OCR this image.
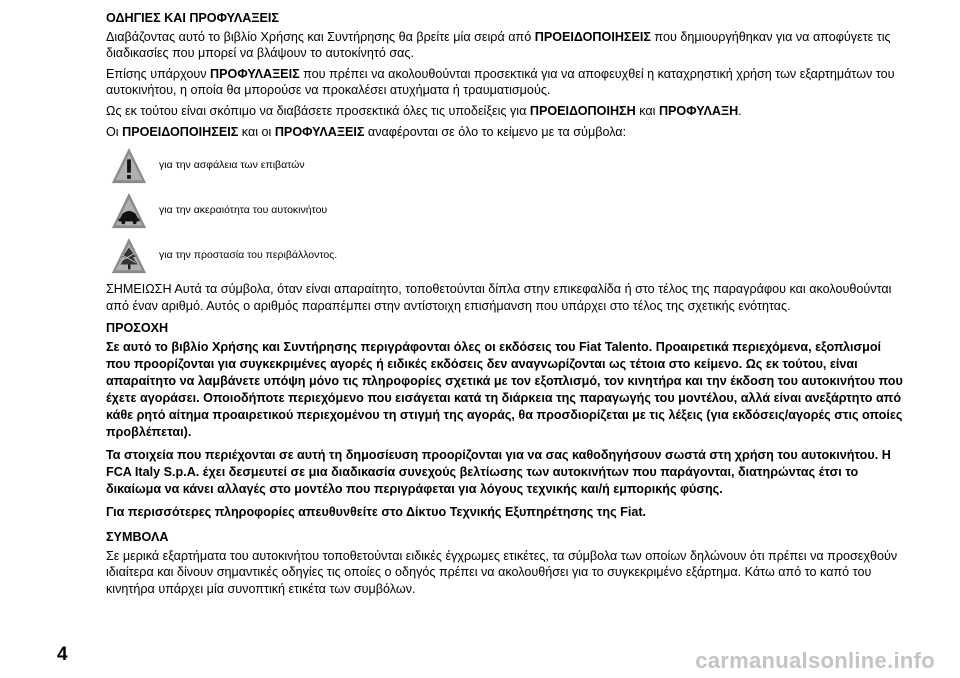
ΟΔΗΓΙΕΣ ΚΑΙ ΠΡΟΦΥΛΑΞΕΙΣ

Διαβάζοντας αυτό το βιβλίο Χρήσης και Συντήρησης θα βρείτε μία σειρά από ΠΡΟΕΙΔΟΠΟΙΗΣΕΙΣ που δημιουργήθηκαν για να αποφύγετε τις διαδικασίες που μπορεί να βλάψουν το αυτοκίνητό σας.

Επίσης υπάρχουν ΠΡΟΦΥΛΑΞΕΙΣ που πρέπει να ακολουθούνται προσεκτικά για να αποφευχθεί η καταχρηστική χρήση των εξαρτημάτων του αυτοκινήτου, η οποία θα μπορούσε να προκαλέσει ατυχήματα ή τραυματισμούς.

Ως εκ τούτου είναι σκόπιμο να διαβάσετε προσεκτικά όλες τις υποδείξεις για ΠΡΟΕΙΔΟΠΟΙΗΣΗ και ΠΡΟΦΥΛΑΞΗ.

Οι ΠΡΟΕΙΔΟΠΟΙΗΣΕΙΣ και οι ΠΡΟΦΥΛΑΞΕΙΣ αναφέρονται σε όλο το κείμενο με τα σύμβολα:

για την ασφάλεια των επιβατών
για την ακεραιότητα του αυτοκινήτου
για την προστασία του περιβάλλοντος.

ΣΗΜΕΙΩΣΗ Αυτά τα σύμβολα, όταν είναι απαραίτητο, τοποθετούνται δίπλα στην επικεφαλίδα ή στο τέλος της παραγράφου και ακολουθούνται από έναν αριθμό. Αυτός ο αριθμός παραπέμπει στην αντίστοιχη επισήμανση που υπάρχει στο τέλος της σχετικής ενότητας.

ΠΡΟΣΟΧΗ

Σε αυτό το βιβλίο Χρήσης και Συντήρησης περιγράφονται όλες οι εκδόσεις του Fiat Talento. Προαιρετικά περιεχόμενα, εξοπλισμοί που προορίζονται για συγκεκριμένες αγορές ή ειδικές εκδόσεις δεν αναγνωρίζονται ως τέτοια στο κείμενο. Ως εκ τούτου, είναι απαραίτητο να λαμβάνετε υπόψη μόνο τις πληροφορίες σχετικά με τον εξοπλισμό, τον κινητήρα και την έκδοση του αυτοκινήτου που έχετε αγοράσει. Οποιοδήποτε περιεχόμενο που εισάγεται κατά τη διάρκεια της παραγωγής του μοντέλου, αλλά είναι ανεξάρτητο από κάθε ρητό αίτημα προαιρετικού περιεχομένου τη στιγμή της αγοράς, θα προσδιορίζεται με τις λέξεις (για εκδόσεις/αγορές στις οποίες προβλέπεται).

Τα στοιχεία που περιέχονται σε αυτή τη δημοσίευση προορίζονται για να σας καθοδηγήσουν σωστά στη χρήση του αυτοκινήτου. Η FCA Italy S.p.A. έχει δεσμευτεί σε μια διαδικασία συνεχούς βελτίωσης των αυτοκινήτων που παράγονται, διατηρώντας έτσι το δικαίωμα να κάνει αλλαγές στο μοντέλο που περιγράφεται για λόγους τεχνικής και/ή εμπορικής φύσης.

Για περισσότερες πληροφορίες απευθυνθείτε στο Δίκτυο Τεχνικής Εξυπηρέτησης της Fiat.

ΣΥΜΒΟΛΑ

Σε μερικά εξαρτήματα του αυτοκινήτου τοποθετούνται ειδικές έγχρωμες ετικέτες, τα σύμβολα των οποίων δηλώνουν ότι πρέπει να προσεχθούν ιδιαίτερα και δίνουν σημαντικές οδηγίες τις οποίες ο οδηγός πρέπει να ακολουθήσει για το συγκεκριμένο εξάρτημα. Κάτω από το καπό του κινητήρα υπάρχει μία συνοπτική ετικέτα των συμβόλων.

4	carmanualsonline.info
